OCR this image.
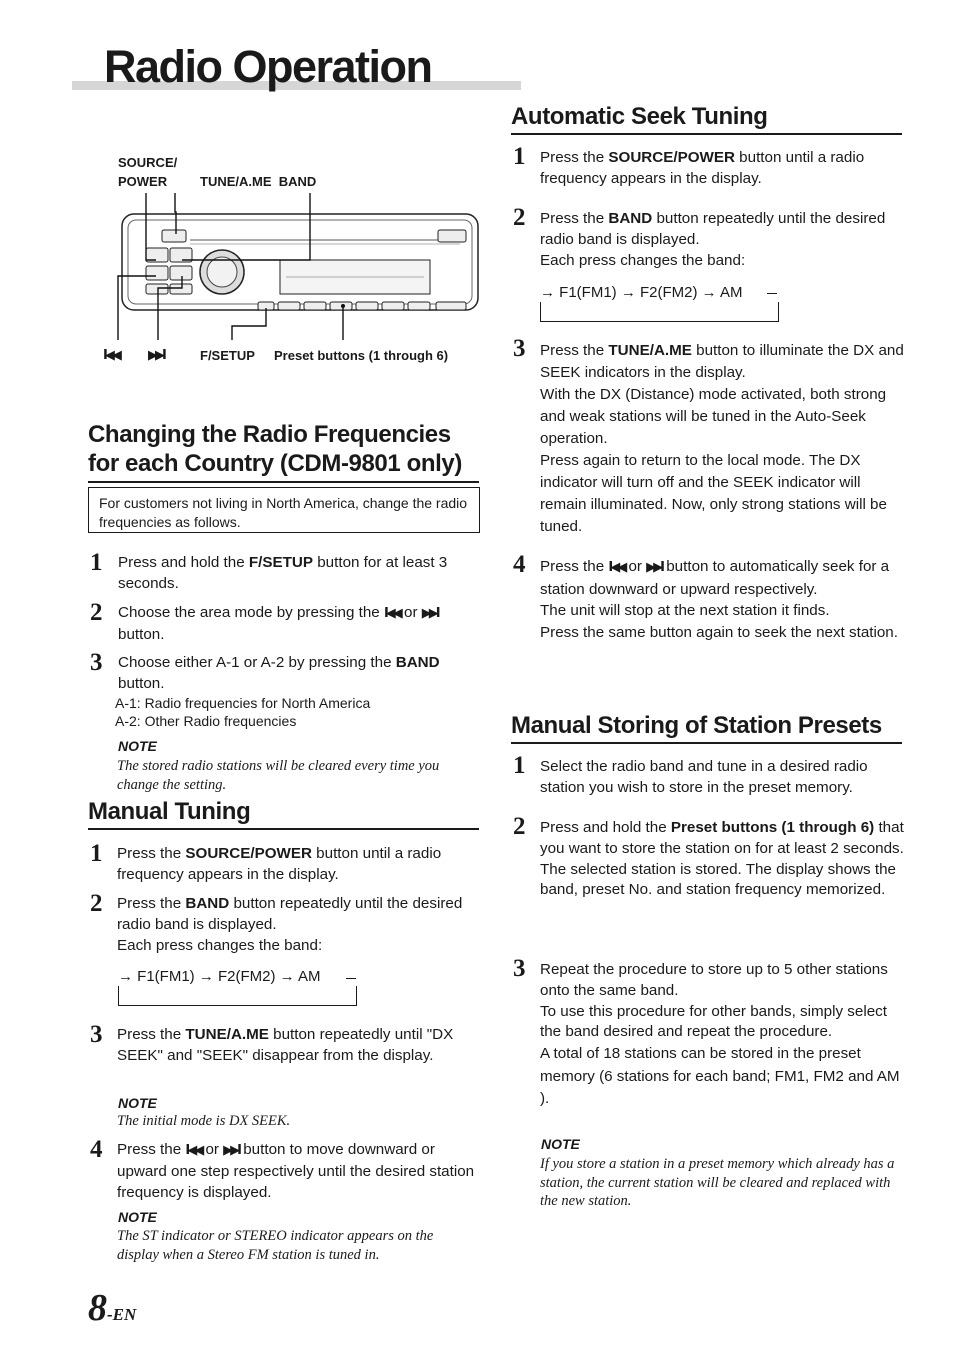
Radio Operation
SOURCE/
POWER	TUNE/A.ME  BAND
I◀◀ ▶▶I	F/SETUP Preset buttons (1 through 6)
Changing the Radio Frequencies
for each Country (CDM-9801 only)
For customers not living in North America, change the radio frequencies as follows.
1 Press and hold the F/SETUP button for at least 3 seconds.

2 Choose the area mode by pressing the I◀◀ or ▶▶I button.

3 Choose either A-1 or A-2 by pressing the BAND button.

A-1: Radio frequencies for North America
A-2: Other Radio frequencies
NOTE
The stored radio stations will be cleared every time you change the setting.
Manual Tuning
1 Press the SOURCE/POWER button until a radio frequency appears in the display.

2 Press the BAND button repeatedly until the desired radio band is displayed.

Each press changes the band:

→ F1(FM1) → F2(FM2) → AM
3 Press the TUNE/A.ME button repeatedly until "DX SEEK" and "SEEK" disappear from the display.

NOTE
The initial mode is DX SEEK.
4 Press the I◀◀ or ▶▶I button to move downward or upward one step respectively until the desired station frequency is displayed.

NOTE
The ST indicator or STEREO indicator appears on the display when a Stereo FM station is tuned in.
8-EN
Automatic Seek Tuning
1 Press the SOURCE/POWER button until a radio frequency appears in the display.

2 Press the BAND button repeatedly until the desired radio band is displayed.

Each press changes the band:

→ F1(FM1) → F2(FM2) → AM
3 Press the TUNE/A.ME button to illuminate the DX and SEEK indicators in the display.

With the DX (Distance) mode activated, both strong and weak stations will be tuned in the Auto-Seek operation.

Press again to return to the local mode. The DX indicator will turn off and the SEEK indicator will remain illuminated. Now, only strong stations will be tuned.

4 Press the I◀◀ or ▶▶I button to automatically seek for a station downward or upward respectively.

The unit will stop at the next station it finds.

Press the same button again to seek the next station.

Manual Storing of Station Presets
1 Select the radio band and tune in a desired radio station you wish to store in the preset memory.

2 Press and hold the Preset buttons (1 through 6) that you want to store the station on for at least 2 seconds.

The selected station is stored. The display shows the band, preset No. and station frequency memorized.

3 Repeat the procedure to store up to 5 other stations onto the same band.

To use this procedure for other bands, simply select the band desired and repeat the procedure.

A total of 18 stations can be stored in the preset memory (6 stations for each band; FM1, FM2 and AM ).

NOTE
If you store a station in a preset memory which already has a station, the current station will be cleared and replaced with the new station.
